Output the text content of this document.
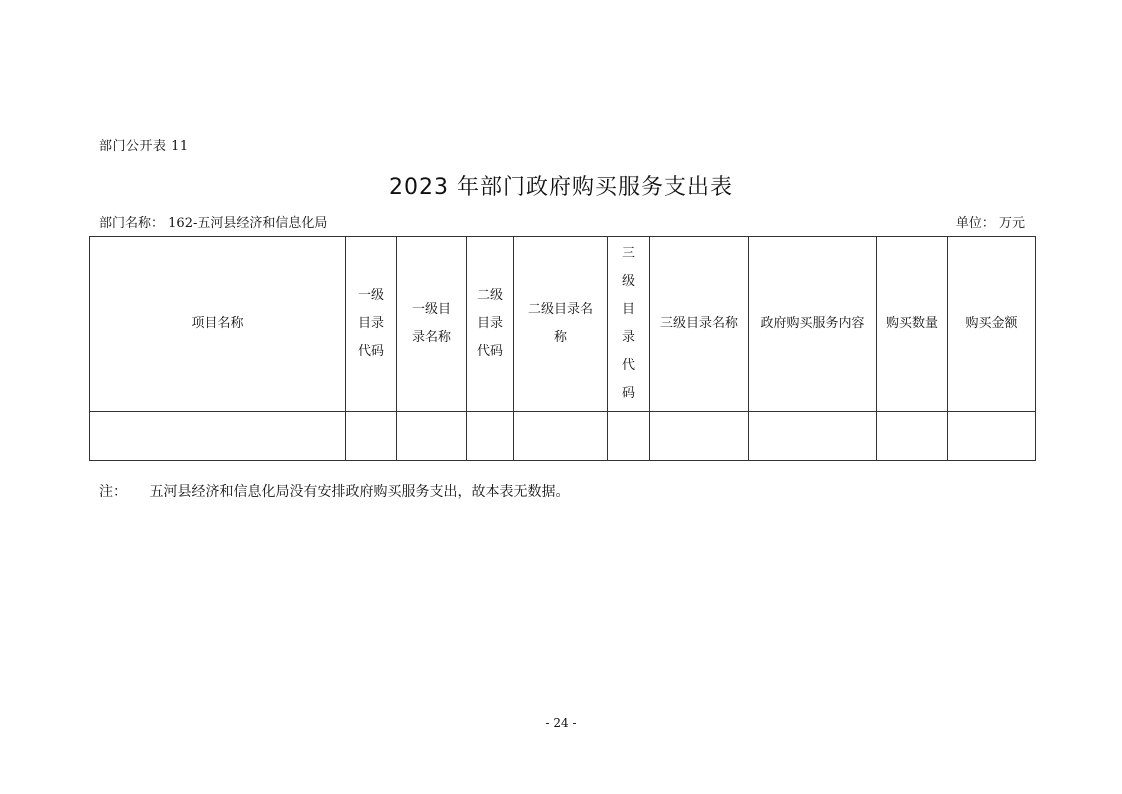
部门公开表 11
2023 年部门政府购买服务支出表
部门名称： 162-五河县经济和信息化局	单位： 万元
项目名称	一级目录代码	一级目录名称	二级目录代码	二级目录名称	三级目录代码	三级目录名称	政府购买服务内容	购买数量	购买金额

注： 五河县经济和信息化局没有安排政府购买服务支出，故本表无数据。
- 24 -
